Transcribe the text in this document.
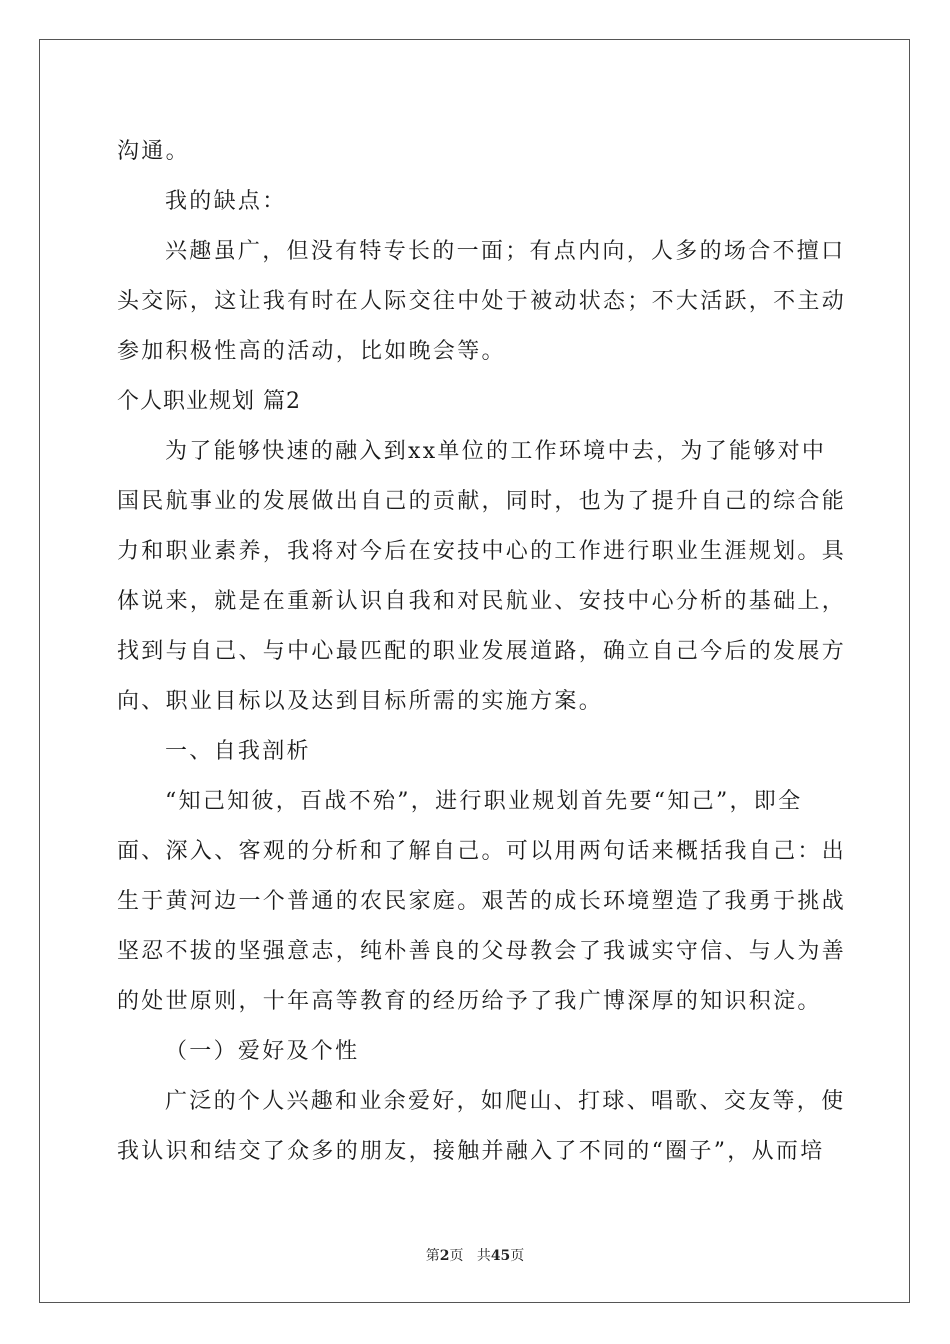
沟通。
我的缺点：
兴趣虽广，但没有特专长的一面；有点内向，人多的场合不擅口
头交际，这让我有时在人际交往中处于被动状态；不大活跃，不主动
参加积极性高的活动，比如晚会等。
个人职业规划 篇2
为了能够快速的融入到xx单位的工作环境中去，为了能够对中
国民航事业的发展做出自己的贡献，同时，也为了提升自己的综合能
力和职业素养，我将对今后在安技中心的工作进行职业生涯规划。具
体说来，就是在重新认识自我和对民航业、安技中心分析的基础上，
找到与自己、与中心最匹配的职业发展道路，确立自己今后的发展方
向、职业目标以及达到目标所需的实施方案。
一、自我剖析
“知己知彼，百战不殆”，进行职业规划首先要“知己”，即全
面、深入、客观的分析和了解自己。可以用两句话来概括我自己：出
生于黄河边一个普通的农民家庭。艰苦的成长环境塑造了我勇于挑战
坚忍不拔的坚强意志，纯朴善良的父母教会了我诚实守信、与人为善
的处世原则，十年高等教育的经历给予了我广博深厚的知识积淀。
（一）爱好及个性
广泛的个人兴趣和业余爱好，如爬山、打球、唱歌、交友等，使
我认识和结交了众多的朋友，接触并融入了不同的“圈子”，从而培
第2页 共45页
